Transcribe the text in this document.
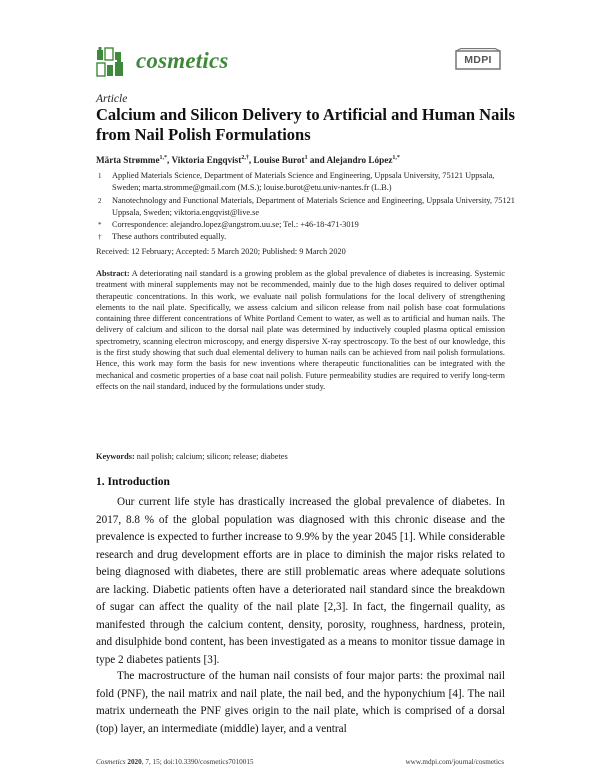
cosmetics	MDPI
Article
Calcium and Silicon Delivery to Artificial and Human Nails from Nail Polish Formulations
Märta Strømme$^{1,*}$, Viktoria Engqvist$^{2,\dagger}$, Louise Burot$^1$ and Alejandro López$^{1,*}$
1	Applied Materials Science, Department of Materials Science and Engineering, Uppsala University, 75121 Uppsala, Sweden; marta.stromme@gmail.com (M.S.); louise.burot@etu.univ-nantes.fr (L.B.)
2	Nanotechnology and Functional Materials, Department of Materials Science and Engineering, Uppsala University, 75121 Uppsala, Sweden; viktoria.engqvist@live.se
*	Correspondence: alejandro.lopez@angstrom.uu.se; Tel.: +46-18-471-3019
†	These authors contributed equally.
Received: 12 February; Accepted: 5 March 2020; Published: 9 March 2020
Abstract: A deteriorating nail standard is a growing problem as the global prevalence of diabetes is increasing. Systemic treatment with mineral supplements may not be recommended, mainly due to the high doses required to deliver optimal therapeutic concentrations. In this work, we evaluate nail polish formulations for the local delivery of strengthening elements to the nail plate. Specifically, we assess calcium and silicon release from nail polish base coat formulations containing three different concentrations of White Portland Cement to water, as well as to artificial and human nails. The delivery of calcium and silicon to the dorsal nail plate was determined by inductively coupled plasma optical emission spectrometry, scanning electron microscopy, and energy dispersive X-ray spectroscopy. To the best of our knowledge, this is the first study showing that such dual elemental delivery to human nails can be achieved from nail polish formulations. Hence, this work may form the basis for new inventions where therapeutic functionalities can be integrated with the mechanical and cosmetic properties of a base coat nail polish. Future permeability studies are required to verify long-term effects on the nail standard, induced by the formulations under study.
Keywords: nail polish; calcium; silicon; release; diabetes
1. Introduction
Our current life style has drastically increased the global prevalence of diabetes. In 2017, 8.8 % of the global population was diagnosed with this chronic disease and the prevalence is expected to further increase to 9.9% by the year 2045 [1]. While considerable research and drug development efforts are in place to diminish the major risks related to being diagnosed with diabetes, there are still problematic areas where adequate solutions are lacking. Diabetic patients often have a deteriorated nail standard since the breakdown of sugar can affect the quality of the nail plate [2,3]. In fact, the fingernail quality, as manifested through the calcium content, density, porosity, roughness, hardness, protein, and disulphide bond content, has been investigated as a means to monitor tissue damage in type 2 diabetes patients [3].
The macrostructure of the human nail consists of four major parts: the proximal nail fold (PNF), the nail matrix and nail plate, the nail bed, and the hyponychium [4]. The nail matrix underneath the PNF gives origin to the nail plate, which is comprised of a dorsal (top) layer, an intermediate (middle) layer, and a ventral
Cosmetics 2020, 7, 15; doi:10.3390/cosmetics7010015	www.mdpi.com/journal/cosmetics
